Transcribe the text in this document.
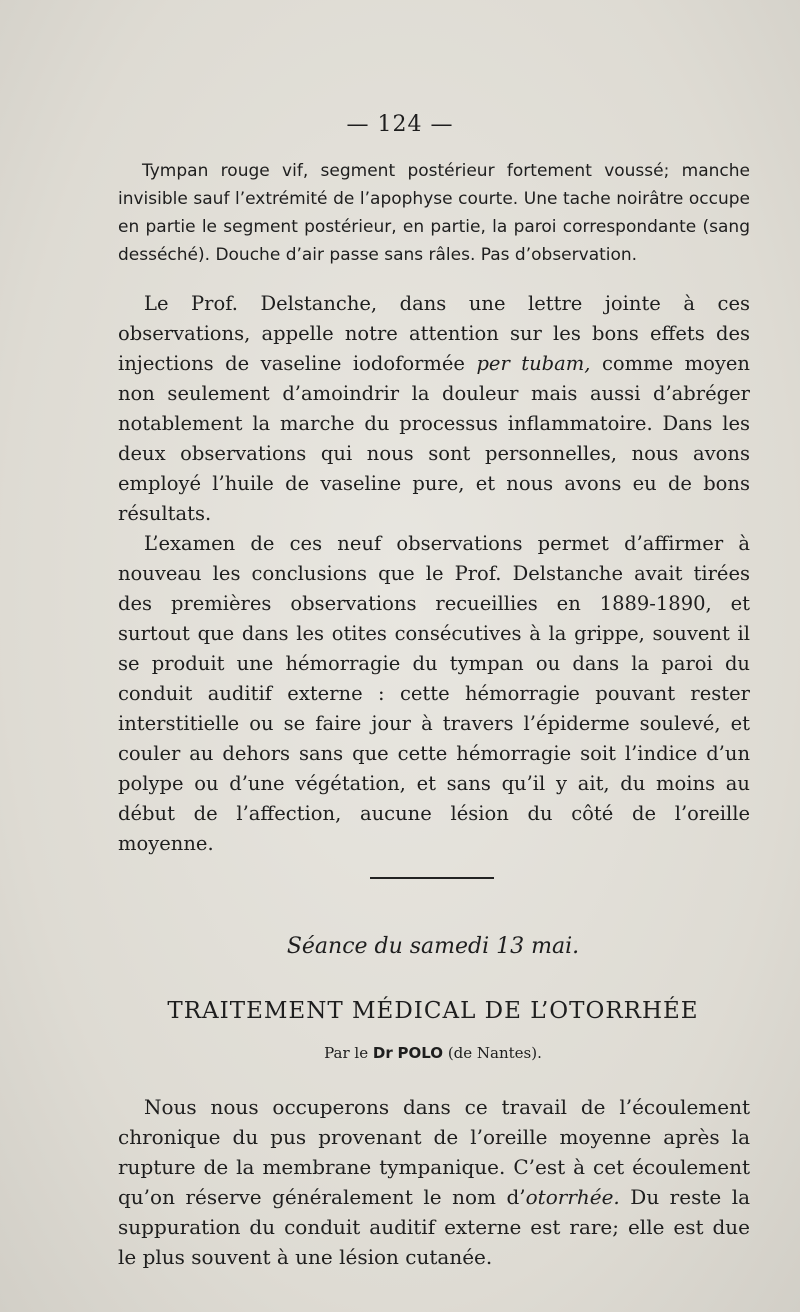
— 124 —

Tympan rouge vif, segment postérieur fortement voussé; manche invisible sauf l’extrémité de l’apophyse courte. Une tache noirâtre occupe en partie le segment postérieur, en partie, la paroi correspondante (sang desséché). Douche d’air passe sans râles. Pas d’observation.

Le Prof. Delstanche, dans une lettre jointe à ces observations, appelle notre attention sur les bons effets des injections de vaseline iodoformée per tubam, comme moyen non seulement d’amoindrir la douleur mais aussi d’abréger notablement la marche du processus inflammatoire. Dans les deux observations qui nous sont personnelles, nous avons employé l’huile de vaseline pure, et nous avons eu de bons résultats.

L’examen de ces neuf observations permet d’affirmer à nouveau les conclusions que le Prof. Delstanche avait tirées des premières observations recueillies en 1889-1890, et surtout que dans les otites consécutives à la grippe, souvent il se produit une hémorragie du tympan ou dans la paroi du conduit auditif externe : cette hémorragie pouvant rester interstitielle ou se faire jour à travers l’épiderme soulevé, et couler au dehors sans que cette hémorragie soit l’indice d’un polype ou d’une végétation, et sans qu’il y ait, du moins au début de l’affection, aucune lésion du côté de l’oreille moyenne.

Séance du samedi 13 mai.
TRAITEMENT MÉDICAL DE L’OTORRHÉE
Par le Dr POLO (de Nantes).

Nous nous occuperons dans ce travail de l’écoulement chronique du pus provenant de l’oreille moyenne après la rupture de la membrane tympanique. C’est à cet écoulement qu’on réserve généralement le nom d’otorrhée. Du reste la suppuration du conduit auditif externe est rare; elle est due le plus souvent à une lésion cutanée.
